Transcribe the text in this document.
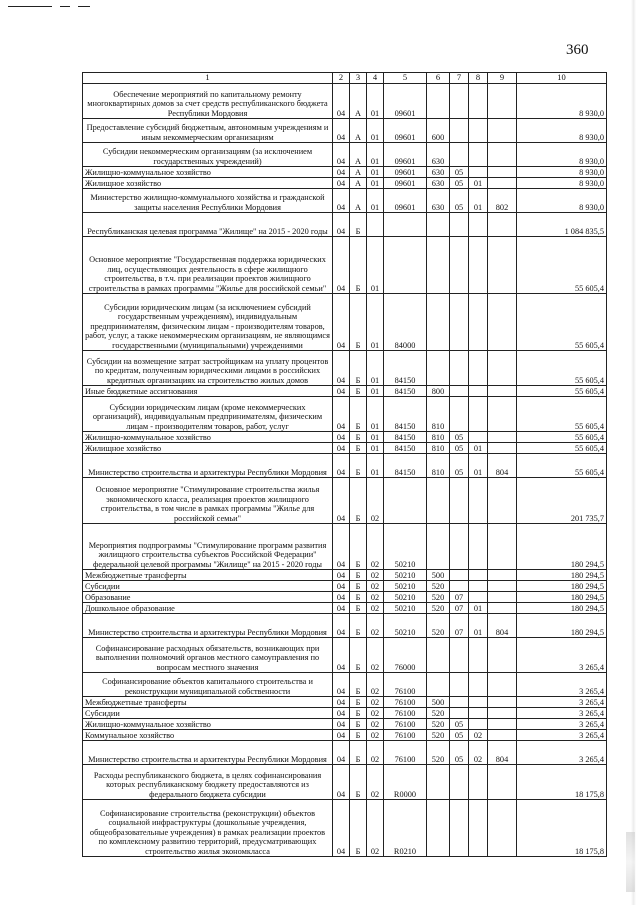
360
1	2	3	4	5	6	7	8	9	10
Обеспечение мероприятий по капитальному ремонту многоквартирных домов за счет средств республиканского бюджета Республики Мордовия	04	А	01	09601					8 930,0
Предоставление субсидий бюджетным, автономным учреждениям и иным некоммерческим организациям	04	А	01	09601	600				8 930,0
Субсидии некоммерческим организациям (за исключением государственных учреждений)	04	А	01	09601	630				8 930,0
Жилищно-коммунальное хозяйство	04	А	01	09601	630	05			8 930,0
Жилищное хозяйство	04	А	01	09601	630	05	01		8 930,0
Министерство жилищно-коммунального хозяйства и гражданской защиты населения Республики Мордовия	04	А	01	09601	630	05	01	802	8 930,0
Республиканская целевая программа "Жилище" на 2015 - 2020 годы	04	Б							1 084 835,5
Основное мероприятие "Государственная поддержка юридических лиц, осуществляющих деятельность в сфере жилищного строительства, в т.ч. при реализации проектов жилищного строительства в рамках программы "Жилье для российской семьи"	04	Б	01						55 605,4
Субсидии юридическим лицам (за исключением субсидий государственным учреждениям), индивидуальным предпринимателям, физическим лицам - производителям товаров, работ, услуг, а также некоммерческим организациям, не являющимся государственными (муниципальными) учреждениями	04	Б	01	84000					55 605,4
Субсидии на возмещение затрат застройщикам на уплату процентов по кредитам, полученным юридическими лицами в российских кредитных организациях на строительство жилых домов	04	Б	01	84150					55 605,4
Иные бюджетные ассигнования	04	Б	01	84150	800				55 605,4
Субсидии юридическим лицам (кроме некоммерческих организаций), индивидуальным предпринимателям, физическим лицам - производителям товаров, работ, услуг	04	Б	01	84150	810				55 605,4
Жилищно-коммунальное хозяйство	04	Б	01	84150	810	05			55 605,4
Жилищное хозяйство	04	Б	01	84150	810	05	01		55 605,4
Министерство строительства и архитектуры Республики Мордовия	04	Б	01	84150	810	05	01	804	55 605,4
Основное мероприятие "Стимулирование строительства жилья экономического класса, реализация проектов жилищного строительства, в том числе в рамках программы "Жилье для российской семьи"	04	Б	02						201 735,7
Мероприятия подпрограммы "Стимулирование программ развития жилищного строительства субъектов Российской Федерации" федеральной целевой программы "Жилище" на 2015 - 2020 годы	04	Б	02	50210					180 294,5
Межбюджетные трансферты	04	Б	02	50210	500				180 294,5
Субсидии	04	Б	02	50210	520				180 294,5
Образование	04	Б	02	50210	520	07			180 294,5
Дошкольное образование	04	Б	02	50210	520	07	01		180 294,5
Министерство строительства и архитектуры Республики Мордовия	04	Б	02	50210	520	07	01	804	180 294,5
Софинансирование расходных обязательств, возникающих при выполнении полномочий органов местного самоуправления по вопросам местного значения	04	Б	02	76000					3 265,4
Софинансирование объектов капитального строительства и реконструкции муниципальной собственности	04	Б	02	76100					3 265,4
Межбюджетные трансферты	04	Б	02	76100	500				3 265,4
Субсидии	04	Б	02	76100	520				3 265,4
Жилищно-коммунальное хозяйство	04	Б	02	76100	520	05			3 265,4
Коммунальное хозяйство	04	Б	02	76100	520	05	02		3 265,4
Министерство строительства и архитектуры Республики Мордовия	04	Б	02	76100	520	05	02	804	3 265,4
Расходы республиканского бюджета, в целях софинансирования которых республиканскому бюджету предоставляются из федерального бюджета субсидии	04	Б	02	R0000					18 175,8
Софинансирование строительства (реконструкции) объектов социальной инфраструктуры (дошкольные учреждения, общеобразовательные учреждения) в рамках реализации проектов по комплексному развитию территорий, предусматривающих строительство жилья экономкласса	04	Б	02	R0210					18 175,8
